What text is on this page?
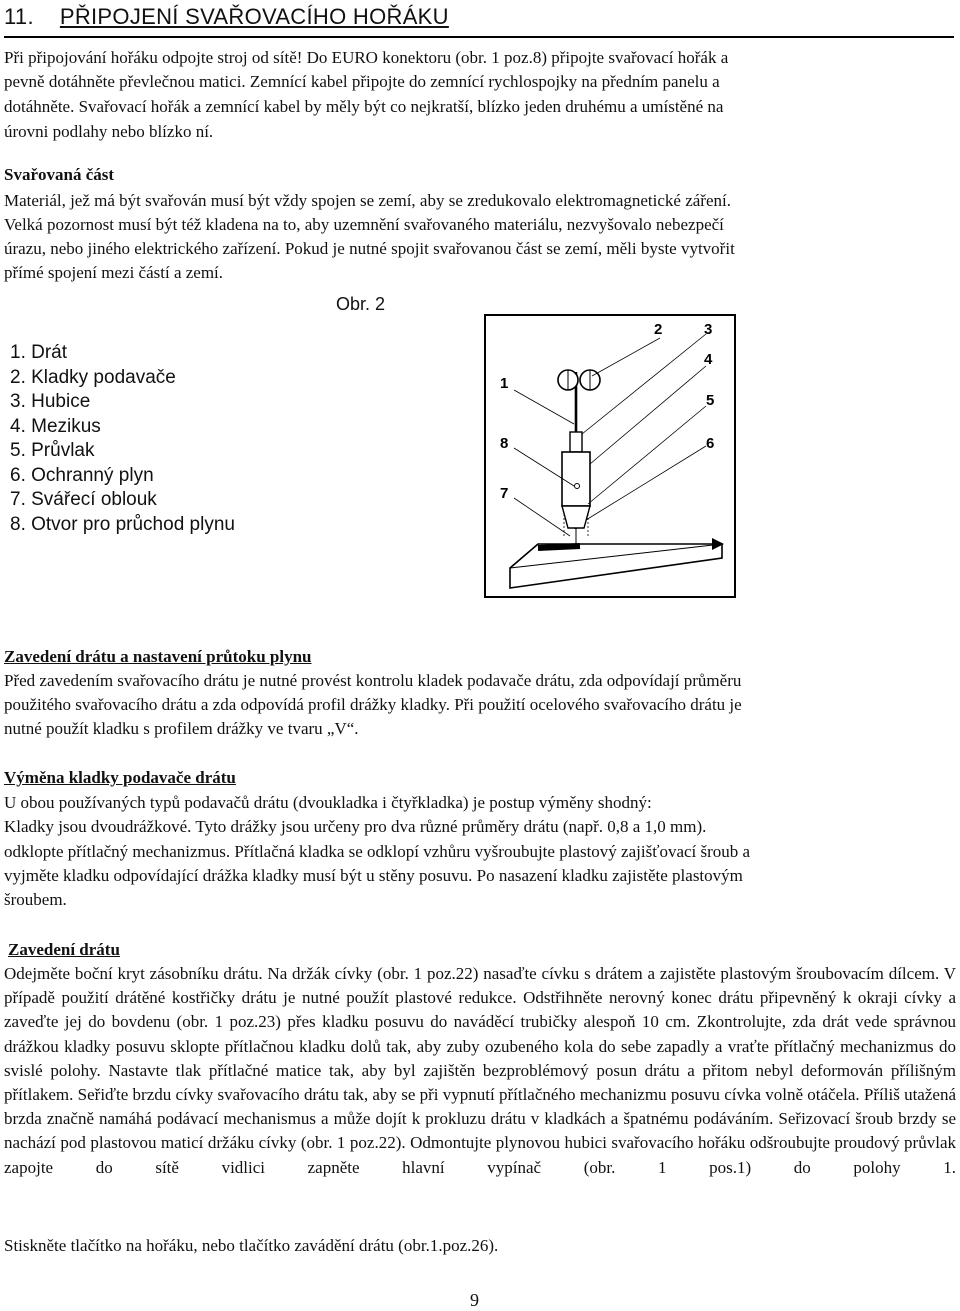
11. PŘIPOJENÍ SVAŘOVACÍHO HOŘÁKU
Při připojování hořáku odpojte stroj od sítě! Do EURO konektoru (obr. 1 poz.8) připojte svařovací hořák a
pevně dotáhněte převlečnou matici. Zemnící kabel připojte do zemnící rychlospojky na předním panelu a
dotáhněte. Svařovací hořák a zemnící kabel by měly být co nejkratší, blízko jeden druhému a umístěné na
úrovni podlahy nebo blízko ní.
Svařovaná část
Materiál, jež má být svařován musí být vždy spojen se zemí, aby se zredukovalo elektromagnetické záření.
Velká pozornost musí být též kladena na to, aby uzemnění svařovaného materiálu, nezvyšovalo nebezpečí
úrazu, nebo jiného elektrického zařízení. Pokud je nutné spojit svařovanou část se zemí, měli byste vytvořit
přímé spojení mezi částí a zemí.
Obr. 2
1. Drát
2. Kladky podavače
3. Hubice
4. Mezikus
5. Průvlak
6. Ochranný plyn
7. Svářecí oblouk
8. Otvor pro průchod plynu
1
2	3
4
5
6
7
8
Zavedení drátu a nastavení průtoku plynu
Před zavedením svařovacího drátu je nutné provést kontrolu kladek podavače drátu, zda odpovídají průměru
použitého svařovacího drátu a zda odpovídá profil drážky kladky. Při použití ocelového svařovacího drátu je
nutné použít kladku s profilem drážky ve tvaru „V“.
Výměna kladky podavače drátu
U obou používaných typů podavačů drátu (dvoukladka i čtyřkladka) je postup výměny shodný:
Kladky jsou dvoudrážkové. Tyto drážky jsou určeny pro dva různé průměry drátu (např. 0,8 a 1,0 mm).
odklopte přítlačný mechanizmus. Přítlačná kladka se odklopí vzhůru vyšroubujte plastový zajišťovací šroub a
vyjměte kladku odpovídající drážka kladky musí být u stěny posuvu. Po nasazení kladku zajistěte plastovým
šroubem.
Zavedení drátu
Odejměte boční kryt zásobníku drátu. Na držák cívky (obr. 1 poz.22) nasaďte cívku s drátem a zajistěte plastovým šroubovacím dílcem. V případě použití drátěné kostřičky drátu je nutné použít plastové redukce. Odstřihněte nerovný konec drátu připevněný k okraji cívky a zaveďte jej do bovdenu (obr. 1 poz.23) přes kladku posuvu do naváděcí trubičky alespoň 10 cm. Zkontrolujte, zda drát vede správnou drážkou kladky posuvu sklopte přítlačnou kladku dolů tak, aby zuby ozubeného kola do sebe zapadly a vraťte přítlačný mechanizmus do svislé polohy. Nastavte tlak přítlačné matice tak, aby byl zajištěn bezproblémový posun drátu a přitom nebyl deformován přílišným přítlakem. Seřiďte brzdu cívky svařovacího drátu tak, aby se při vypnutí přítlačného mechanizmu posuvu cívka volně otáčela. Příliš utažená brzda značně namáhá podávací mechanismus a může dojít k prokluzu drátu v kladkách a špatnému podáváním. Seřizovací šroub brzdy se nachází pod plastovou maticí držáku cívky (obr. 1 poz.22). Odmontujte plynovou hubici svařovacího hořáku odšroubujte proudový průvlak zapojte do sítě vidlici zapněte hlavní vypínač (obr. 1 pos.1) do polohy 1.
Stiskněte tlačítko na hořáku, nebo tlačítko zavádění drátu (obr.1.poz.26).
9
